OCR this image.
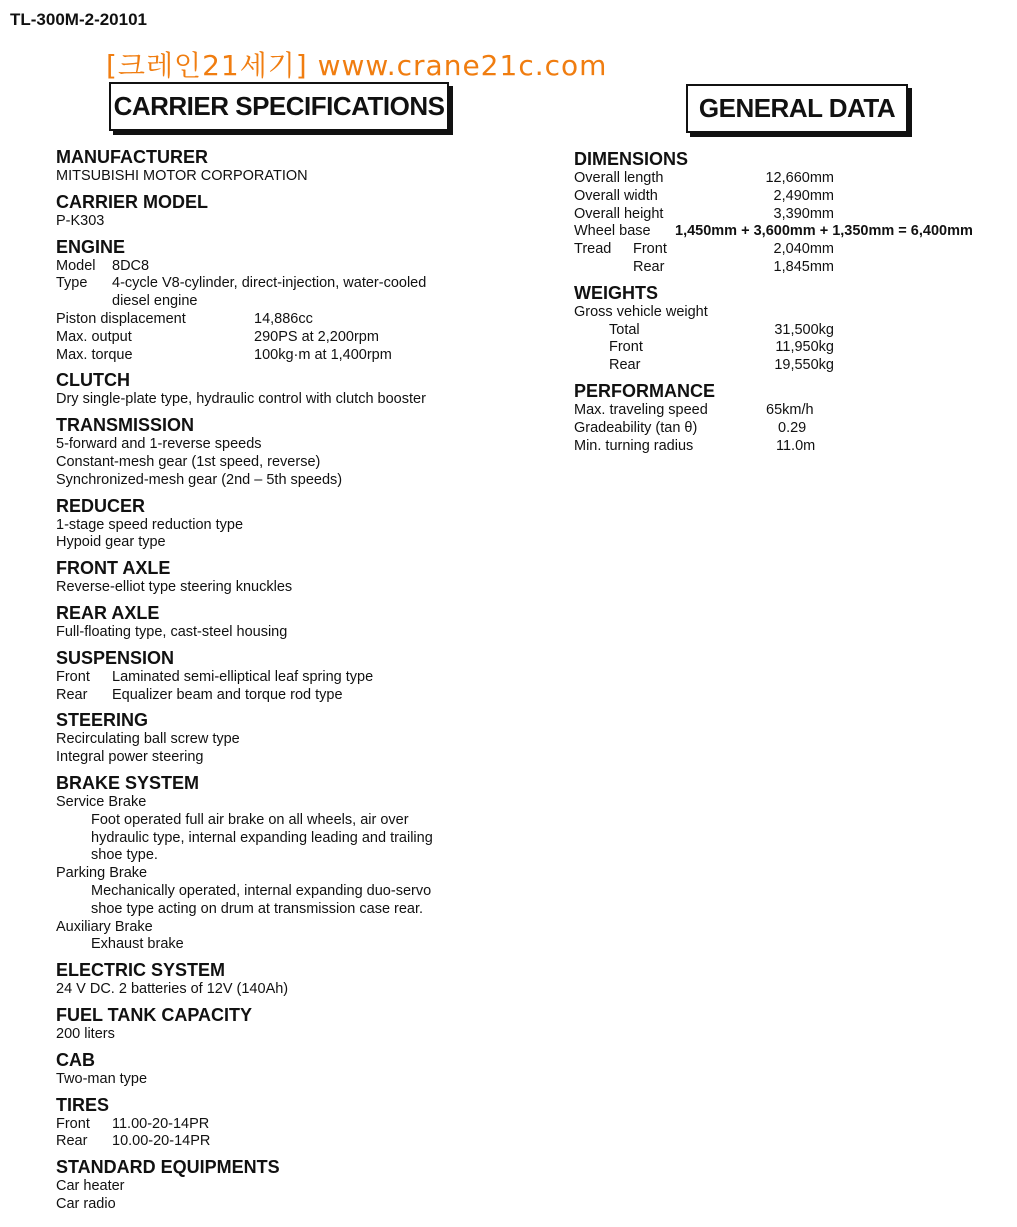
TL-300M-2-20101
[크레인21세기] www.crane21c.com
CARRIER SPECIFICATIONS	GENERAL DATA
MANUFACTURER
MITSUBISHI MOTOR CORPORATION
CARRIER MODEL
P-K303
ENGINE
Model	8DC8
Type	4-cycle V8-cylinder, direct-injection, water-cooled
diesel engine
Piston displacement	14,886cc
Max. output	290PS at 2,200rpm
Max. torque	100kg·m at 1,400rpm
CLUTCH
Dry single-plate type, hydraulic control with clutch booster
TRANSMISSION
5-forward and 1-reverse speeds
Constant-mesh gear (1st speed, reverse)
Synchronized-mesh gear (2nd – 5th speeds)
REDUCER
1-stage speed reduction type
Hypoid gear type
FRONT AXLE
Reverse-elliot type steering knuckles
REAR AXLE
Full-floating type, cast-steel housing
SUSPENSION
Front	Laminated semi-elliptical leaf spring type
Rear	Equalizer beam and torque rod type
STEERING
Recirculating ball screw type
Integral power steering
BRAKE SYSTEM
Service Brake
Foot operated full air brake on all wheels, air over
hydraulic type, internal expanding leading and trailing
shoe type.
Parking Brake
Mechanically operated, internal expanding duo-servo
shoe type acting on drum at transmission case rear.
Auxiliary Brake
Exhaust brake
ELECTRIC SYSTEM
24 V DC. 2 batteries of 12V (140Ah)
FUEL TANK CAPACITY
200 liters
CAB
Two-man type
TIRES
Front	11.00-20-14PR
Rear	10.00-20-14PR
STANDARD EQUIPMENTS
Car heater
Car radio
DIMENSIONS
Overall length	12,660mm
Overall width	2,490mm
Overall height	3,390mm
Wheel base	1,450mm + 3,600mm + 1,350mm = 6,400mm
Tread	Front	2,040mm
Rear	1,845mm
WEIGHTS
Gross vehicle weight
Total	31,500kg
Front	11,950kg
Rear	19,550kg
PERFORMANCE
Max. traveling speed	65km/h
Gradeability (tan θ)	0.29
Min. turning radius	11.0m
